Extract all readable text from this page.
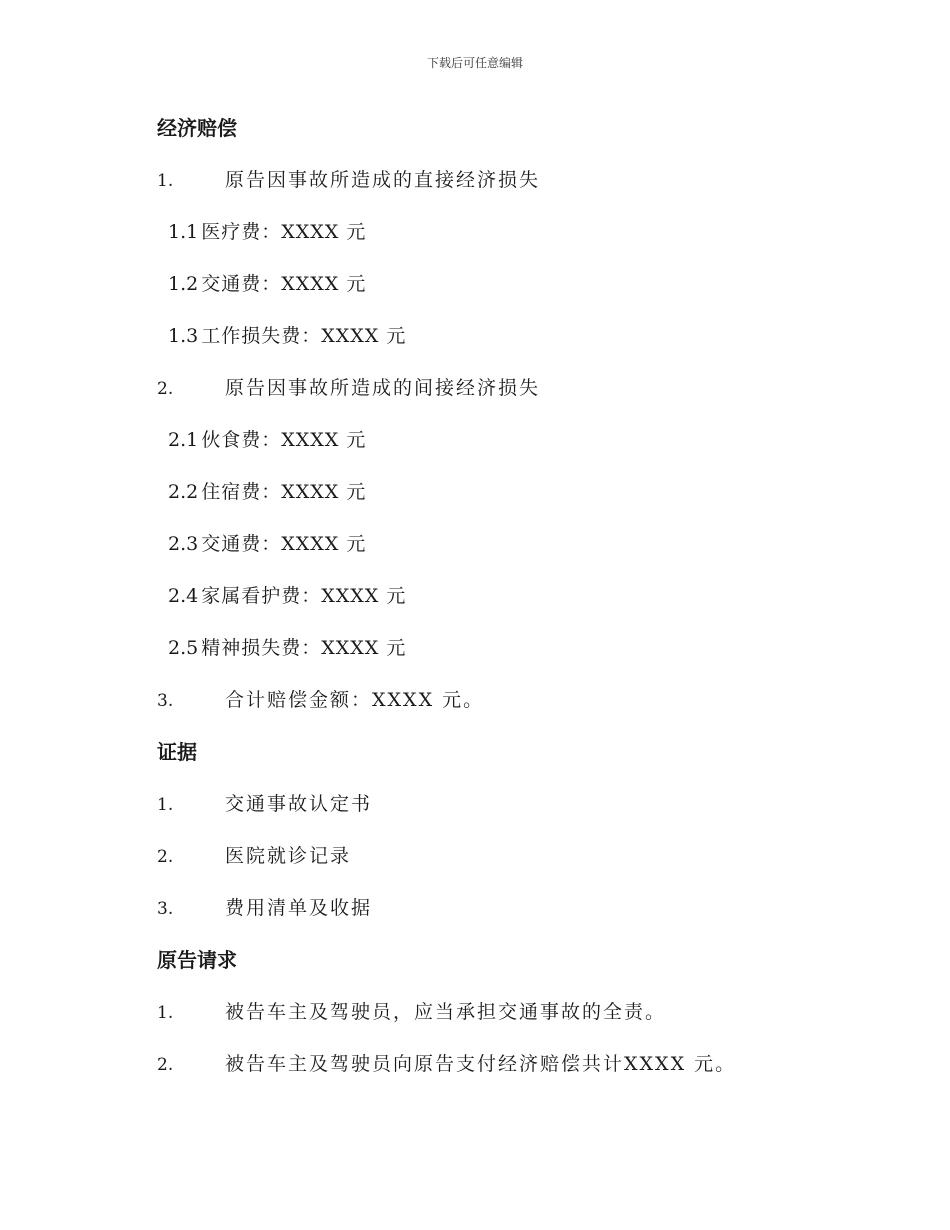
下载后可任意编辑
经济赔偿
1.	原告因事故所造成的直接经济损失
1.1 医疗费：XXXX 元
1.2 交通费：XXXX 元
1.3 工作损失费：XXXX 元
2.	原告因事故所造成的间接经济损失
2.1 伙食费：XXXX 元
2.2 住宿费：XXXX 元
2.3 交通费：XXXX 元
2.4 家属看护费：XXXX 元
2.5 精神损失费：XXXX 元
3.	合计赔偿金额：XXXX 元。
证据
1.	交通事故认定书
2.	医院就诊记录
3.	费用清单及收据
原告请求
1.	被告车主及驾驶员，应当承担交通事故的全责。
2.	被告车主及驾驶员向原告支付经济赔偿共计XXXX 元。
